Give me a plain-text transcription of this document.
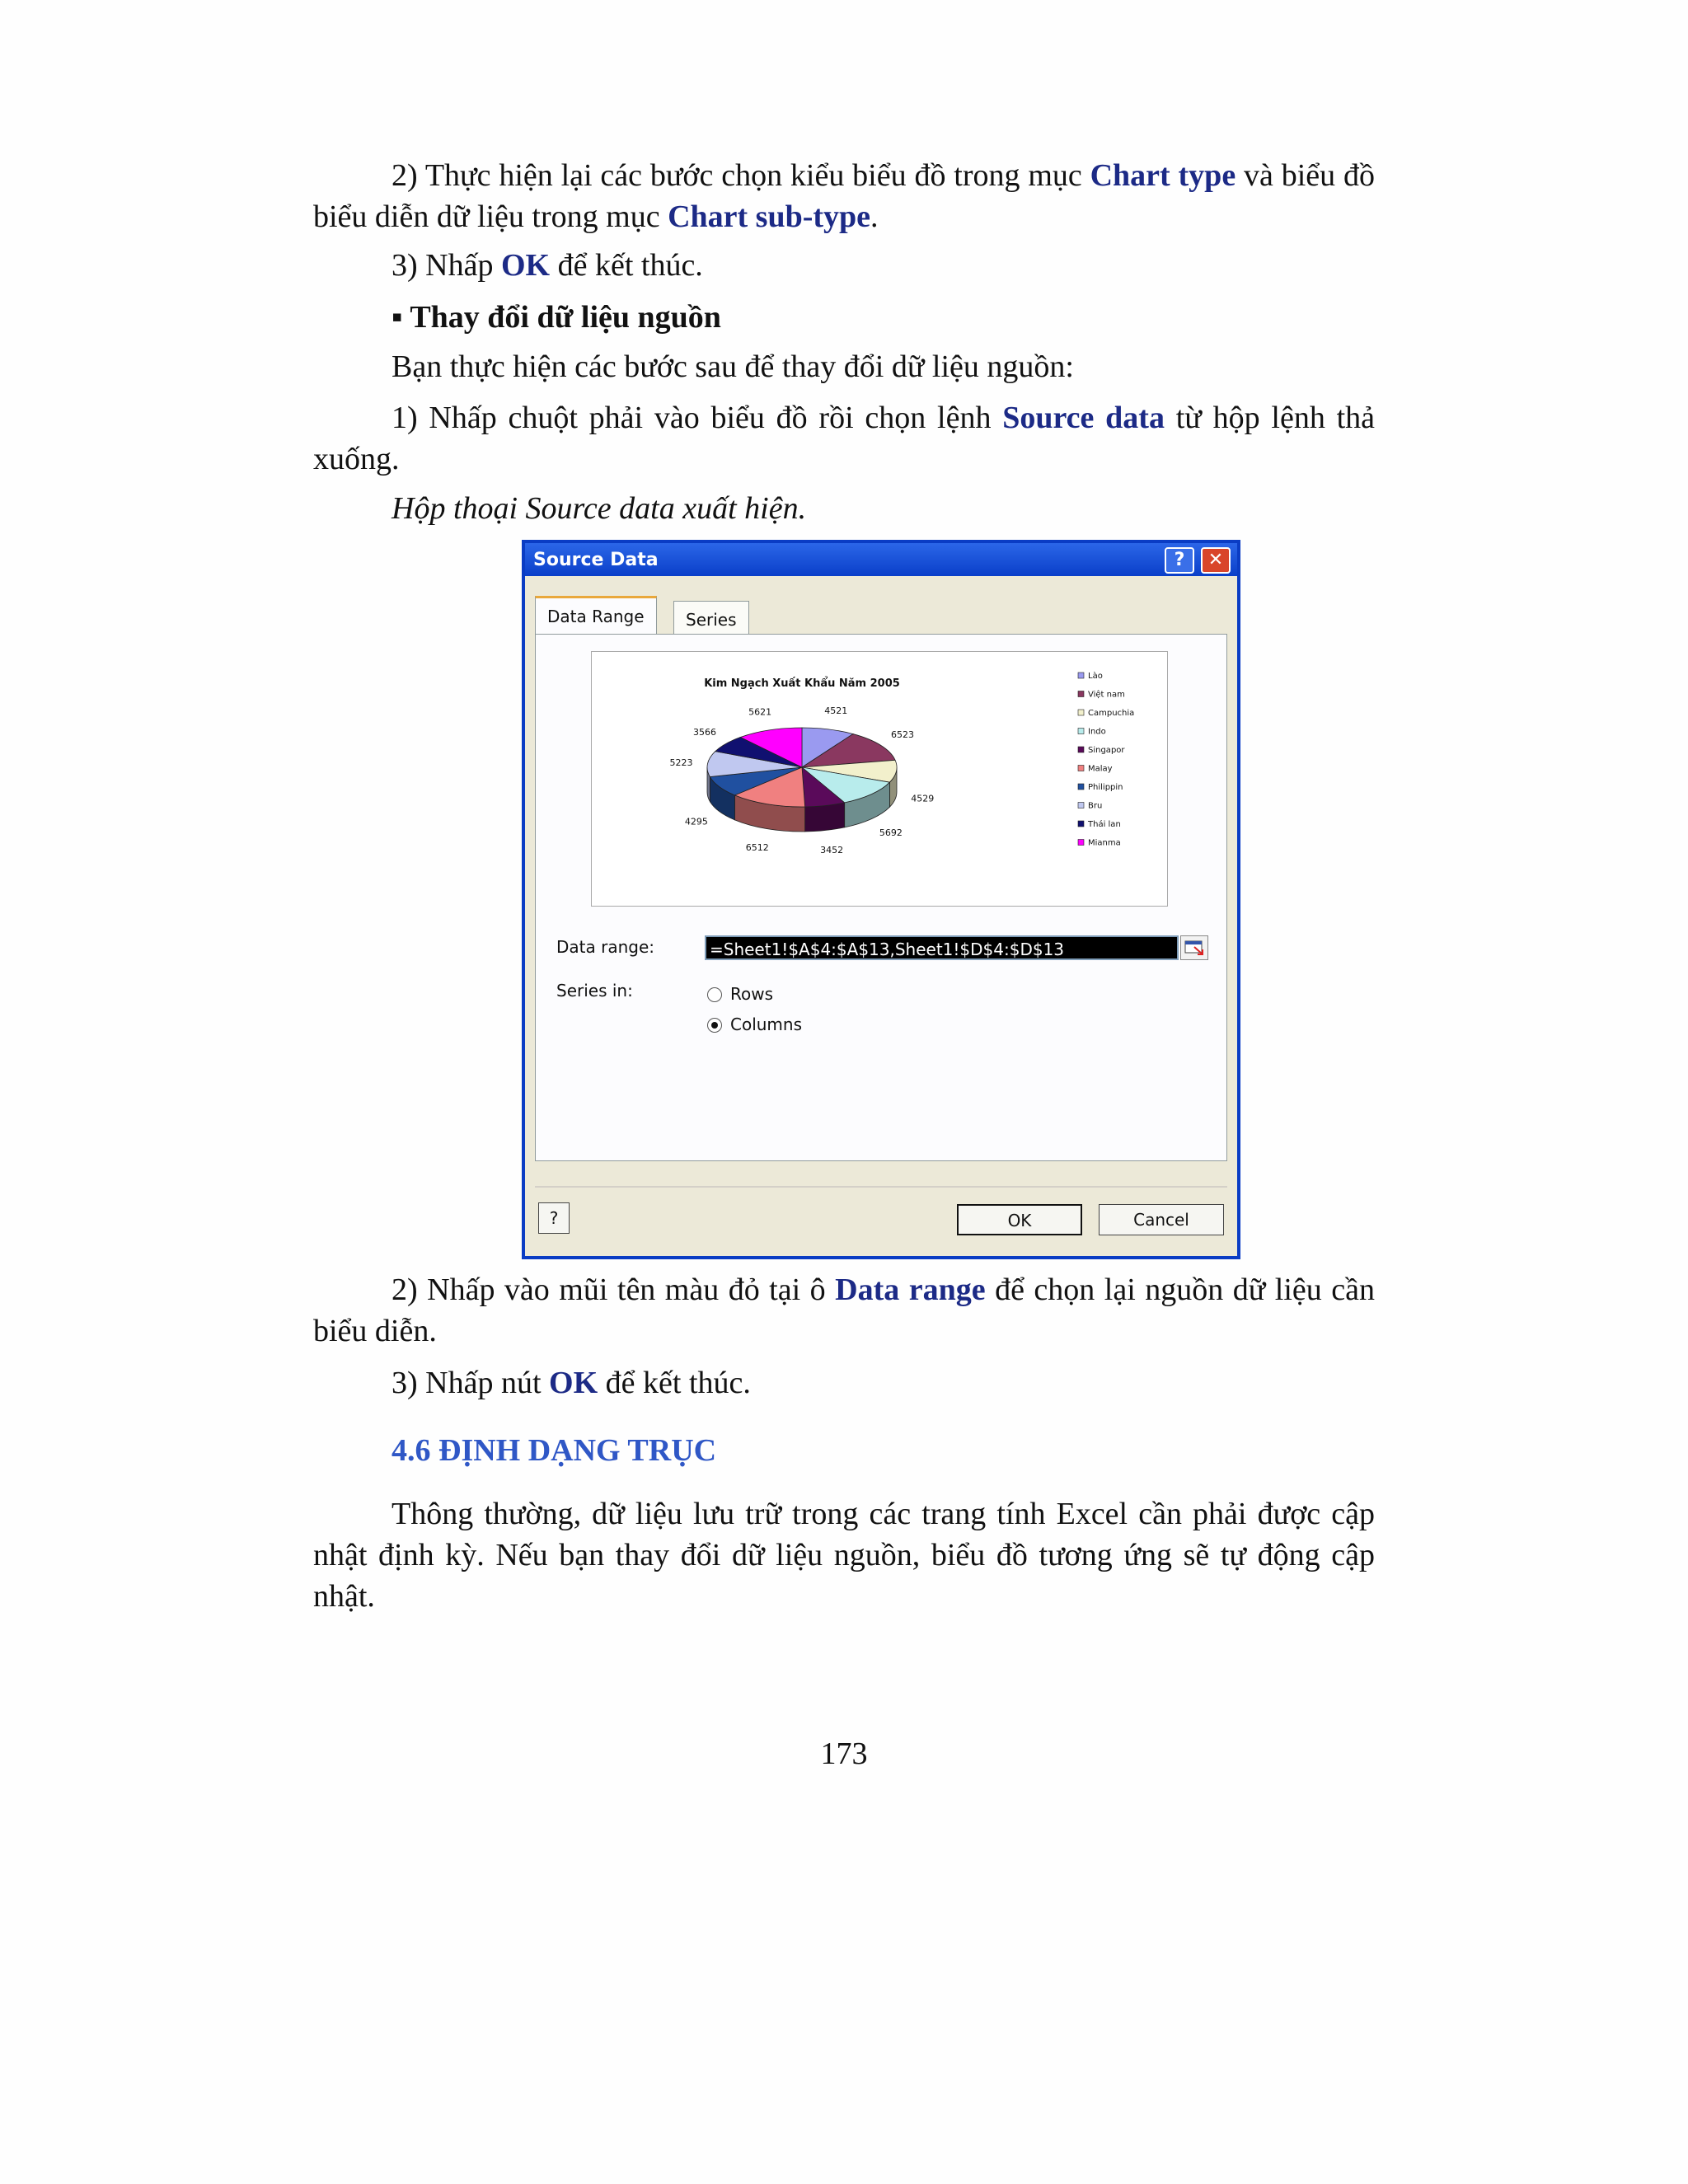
2) Thực hiện lại các bước chọn kiểu biểu đồ trong mục Chart type và biểu đồ biểu diễn dữ liệu trong mục Chart sub-type.
3) Nhấp OK để kết thúc.
▪ Thay đổi dữ liệu nguồn
Bạn thực hiện các bước sau để thay đổi dữ liệu nguồn:
1) Nhấp chuột phải vào biểu đồ rồi chọn lệnh Source data từ hộp lệnh thả xuống.
Hộp thoại Source data xuất hiện.
Source Data	?	✕
Data Range	Series
Kim Ngạch Xuất Khẩu Năm 2005
4521
6523
4529
5692
3452
6512
4295
5223
3566
5621
Lào
Việt nam
Campuchia
Indo
Singapor
Malay
Philippin
Bru
Thái lan
Mianma
Data range:	=Sheet1!$A$4:$A$13,Sheet1!$D$4:$D$13
Series in:	Rows
Columns
?	OK	Cancel
2) Nhấp vào mũi tên màu đỏ tại ô Data range để chọn lại nguồn dữ liệu cần biểu diễn.
3) Nhấp nút OK để kết thúc.
4.6 ĐỊNH DẠNG TRỤC
Thông thường, dữ liệu lưu trữ trong các trang tính Excel cần phải được cập nhật định kỳ. Nếu bạn thay đổi dữ liệu nguồn, biểu đồ tương ứng sẽ tự động cập nhật.
173
